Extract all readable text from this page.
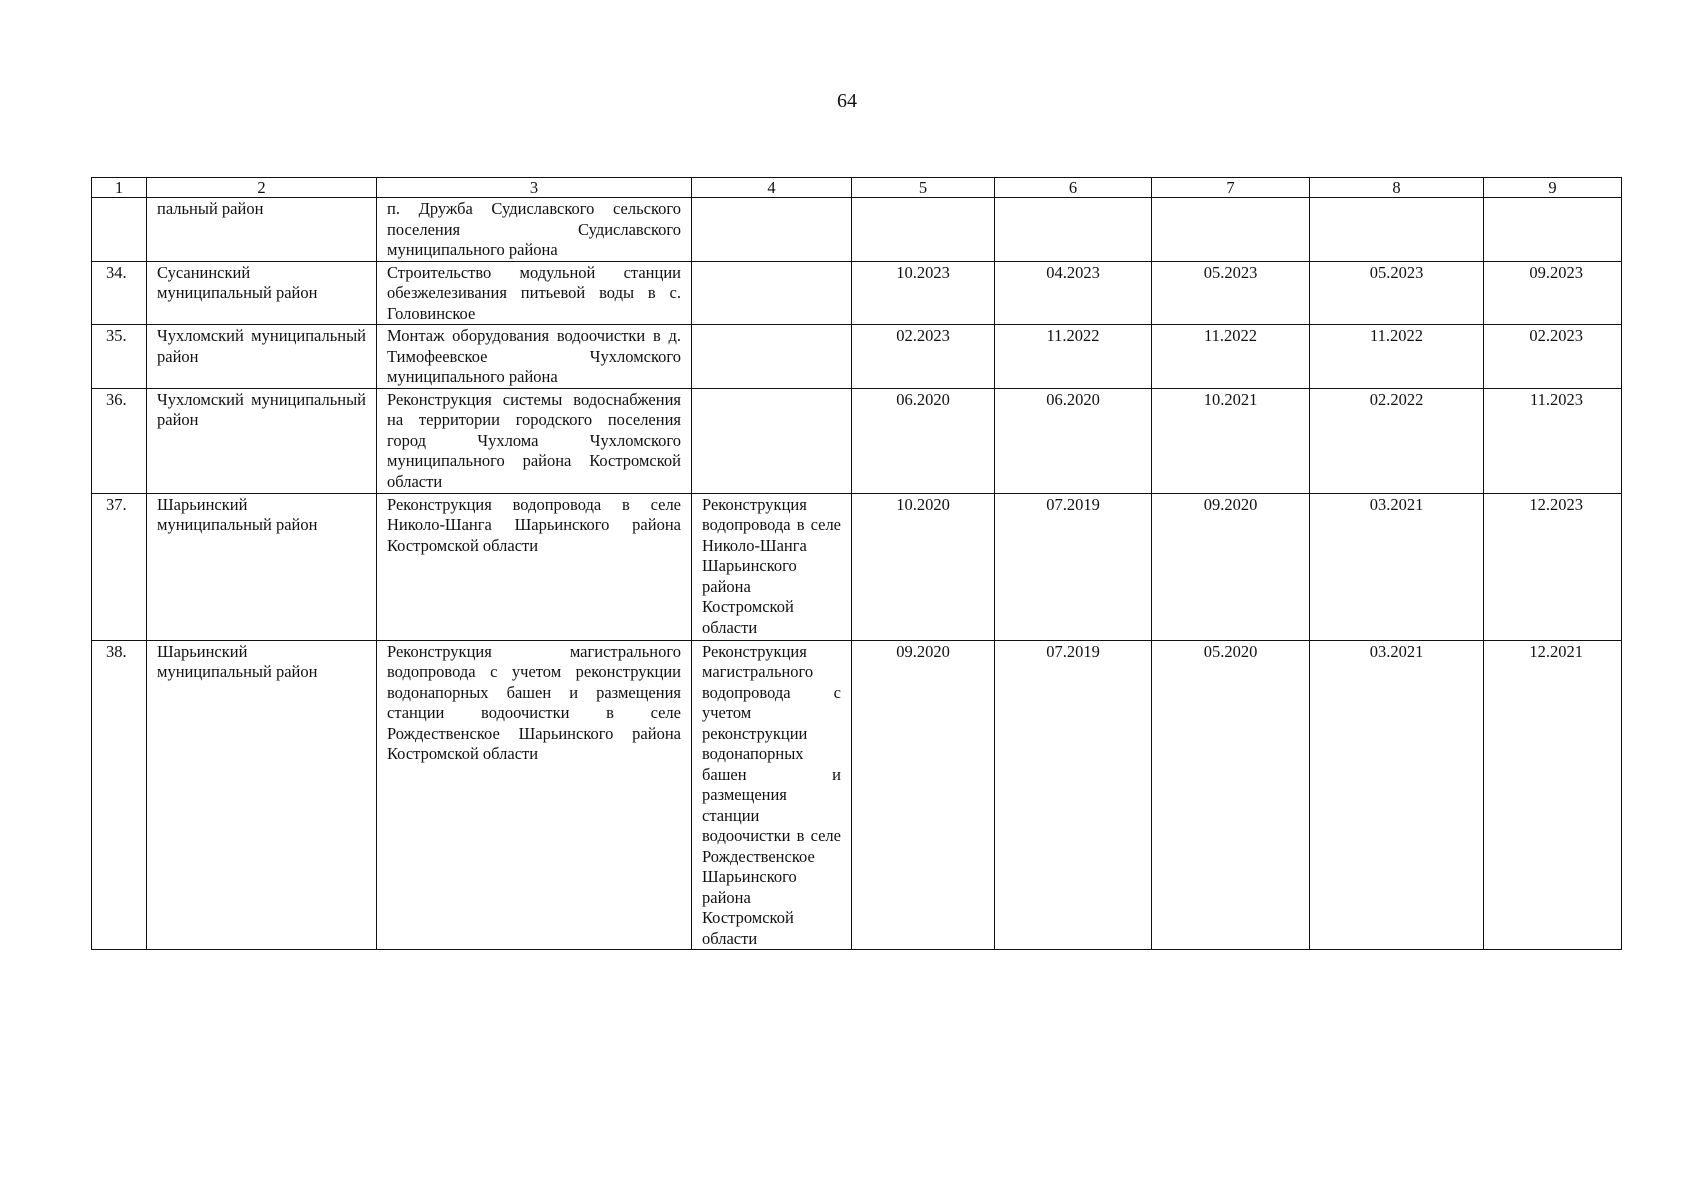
64
1	2	3	4	5	6	7	8	9
	пальный район	п. Дружба Судиславского сельского поселения Судиславского муниципального района						
34.	Сусанинский муниципальный район	Строительство модульной станции обезжелезивания питьевой воды в с. Головинское		10.2023	04.2023	05.2023	05.2023	09.2023
35.	Чухломский муниципальный район	Монтаж оборудования водоочистки в д. Тимофеевское Чухломского муниципального района		02.2023	11.2022	11.2022	11.2022	02.2023
36.	Чухломский муниципальный район	Реконструкция системы водоснабжения на территории городского поселения город Чухлома Чухломского муниципального района Костромской области		06.2020	06.2020	10.2021	02.2022	11.2023
37.	Шарьинский муниципальный район	Реконструкция водопровода в селе Николо-Шанга Шарьинского района Костромской области	Реконструкция водопровода в селе Николо-Шанга Шарьинского района Костромской области	10.2020	07.2019	09.2020	03.2021	12.2023
38.	Шарьинский муниципальный район	Реконструкция магистрального водопровода с учетом реконструкции водонапорных башен и размещения станции водоочистки в селе Рождественское Шарьинского района Костромской области	Реконструкция магистрального водопровода с учетом реконструкции водонапорных башен и размещения станции водоочистки в селе Рождественское Шарьинского района Костромской области	09.2020	07.2019	05.2020	03.2021	12.2021
